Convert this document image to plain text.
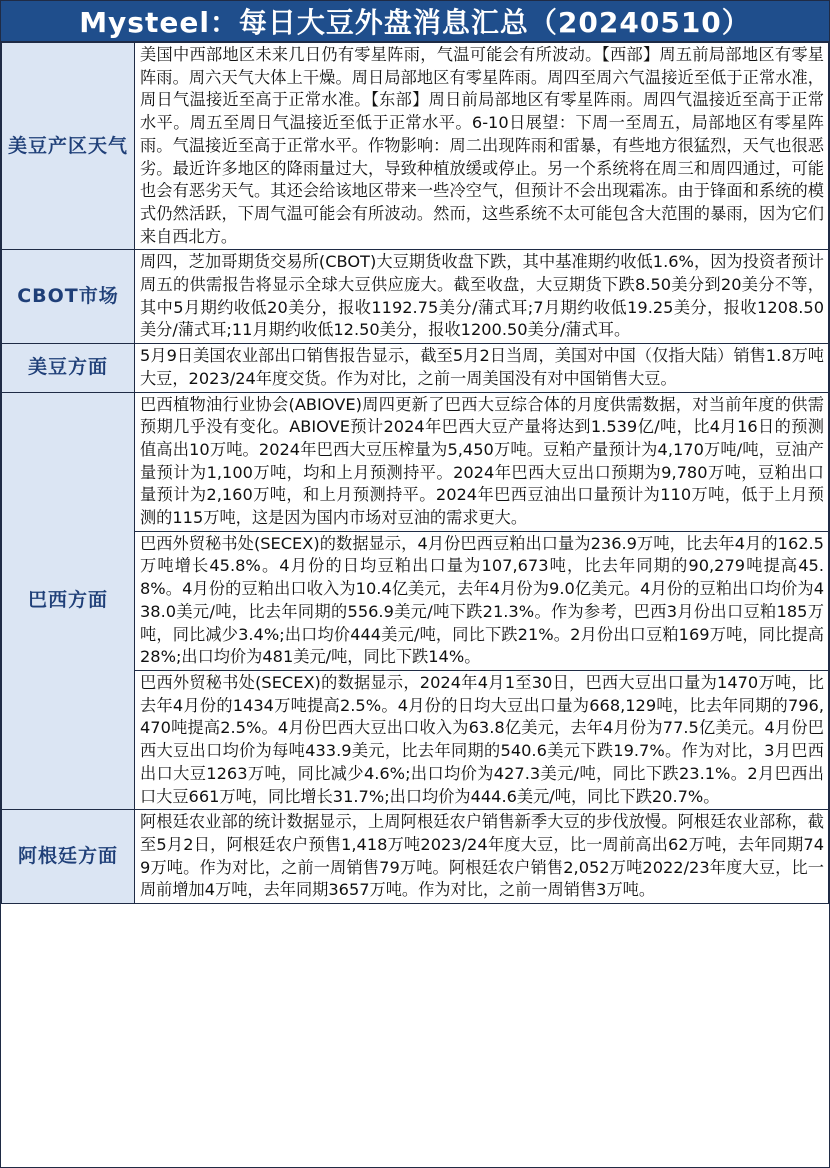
Mysteel：每日大豆外盘消息汇总（20240510）
美豆产区天气	美国中西部地区未来几日仍有零星阵雨，气温可能会有所波动。【西部】周五前局部地区有零星阵雨。周六天气大体上干燥。周日局部地区有零星阵雨。周四至周六气温接近至低于正常水准，周日气温接近至高于正常水准。【东部】周日前局部地区有零星阵雨。周四气温接近至高于正常水平。周五至周日气温接近至低于正常水平。6-10日展望：下周一至周五，局部地区有零星阵雨。气温接近至高于正常水平。作物影响：周二出现阵雨和雷暴，有些地方很猛烈，天气也很恶劣。最近许多地区的降雨量过大，导致种植放缓或停止。另一个系统将在周三和周四通过，可能也会有恶劣天气。其还会给该地区带来一些冷空气，但预计不会出现霜冻。由于锋面和系统的模式仍然活跃，下周气温可能会有所波动。然而，这些系统不太可能包含大范围的暴雨，因为它们来自西北方。
CBOT市场	周四，芝加哥期货交易所(CBOT)大豆期货收盘下跌，其中基准期约收低1.6%，因为投资者预计周五的供需报告将显示全球大豆供应庞大。截至收盘，大豆期货下跌8.50美分到20美分不等，其中5月期约收低20美分，报收1192.75美分/蒲式耳;7月期约收低19.25美分，报收1208.50美分/蒲式耳;11月期约收低12.50美分，报收1200.50美分/蒲式耳。
美豆方面	5月9日美国农业部出口销售报告显示，截至5月2日当周，美国对中国（仅指大陆）销售1.8万吨大豆，2023/24年度交货。作为对比，之前一周美国没有对中国销售大豆。
巴西方面	巴西植物油行业协会(ABIOVE)周四更新了巴西大豆综合体的月度供需数据，对当前年度的供需预期几乎没有变化。ABIOVE预计2024年巴西大豆产量将达到1.539亿/吨，比4月16日的预测值高出10万吨。2024年巴西大豆压榨量为5,450万吨。豆粕产量预计为4,170万吨/吨，豆油产量预计为1,100万吨，均和上月预测持平。2024年巴西大豆出口预期为9,780万吨，豆粕出口量预计为2,160万吨，和上月预测持平。2024年巴西豆油出口量预计为110万吨，低于上月预测的115万吨，这是因为国内市场对豆油的需求更大。
	巴西外贸秘书处(SECEX)的数据显示，4月份巴西豆粕出口量为236.9万吨，比去年4月的162.5万吨增长45.8%。4月份的日均豆粕出口量为107,673吨，比去年同期的90,279吨提高45.8%。4月份的豆粕出口收入为10.4亿美元，去年4月份为9.0亿美元。4月份的豆粕出口均价为438.0美元/吨，比去年同期的556.9美元/吨下跌21.3%。作为参考，巴西3月份出口豆粕185万吨，同比减少3.4%;出口均价444美元/吨，同比下跌21%。2月份出口豆粕169万吨，同比提高28%;出口均价为481美元/吨，同比下跌14%。
	巴西外贸秘书处(SECEX)的数据显示，2024年4月1至30日，巴西大豆出口量为1470万吨，比去年4月份的1434万吨提高2.5%。4月份的日均大豆出口量为668,129吨，比去年同期的796,470吨提高2.5%。4月份巴西大豆出口收入为63.8亿美元，去年4月份为77.5亿美元。4月份巴西大豆出口均价为每吨433.9美元，比去年同期的540.6美元下跌19.7%。作为对比，3月巴西出口大豆1263万吨，同比减少4.6%;出口均价为427.3美元/吨，同比下跌23.1%。2月巴西出口大豆661万吨，同比增长31.7%;出口均价为444.6美元/吨，同比下跌20.7%。
阿根廷方面	阿根廷农业部的统计数据显示，上周阿根廷农户销售新季大豆的步伐放慢。阿根廷农业部称，截至5月2日，阿根廷农户预售1,418万吨2023/24年度大豆，比一周前高出62万吨，去年同期749万吨。作为对比，之前一周销售79万吨。阿根廷农户销售2,052万吨2022/23年度大豆，比一周前增加4万吨，去年同期3657万吨。作为对比，之前一周销售3万吨。
